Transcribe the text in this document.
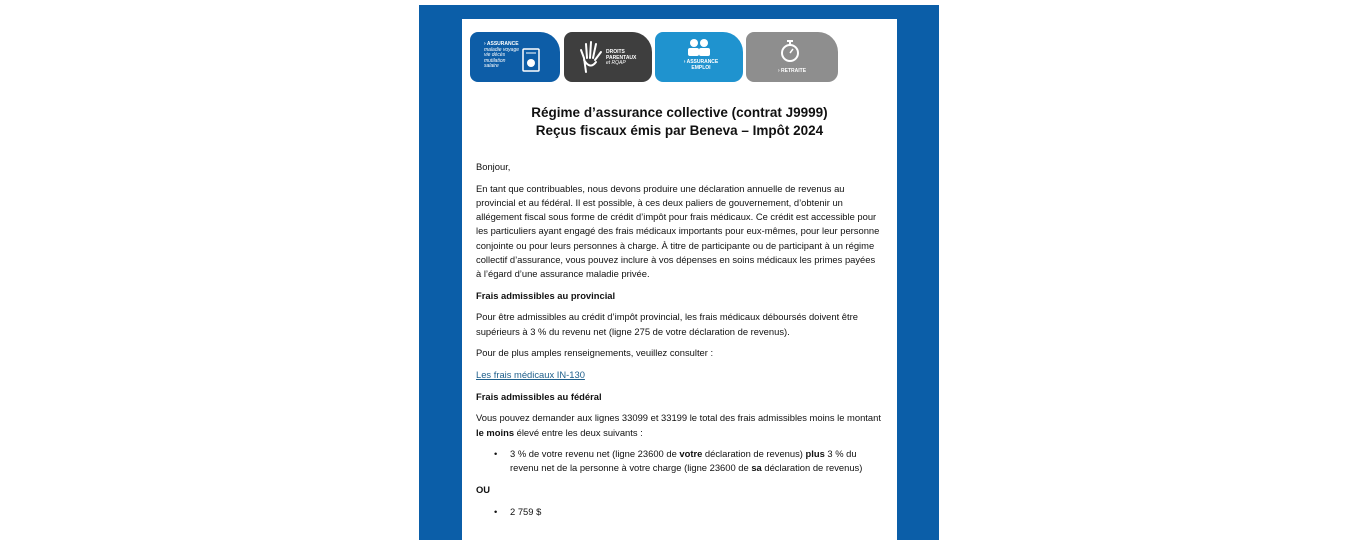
› ASSURANCE
maladie voyage vie décès mutilation salaire
DROITS PARENTAUX
et RQAP	› ASSURANCE EMPLOI
› RETRAITE
Régime d’assurance collective (contrat J9999)
Reçus fiscaux émis par Beneva – Impôt 2024

Bonjour,

En tant que contribuables, nous devons produire une déclaration annuelle de revenus au provincial et au fédéral. Il est possible, à ces deux paliers de gouvernement, d’obtenir un allégement fiscal sous forme de crédit d’impôt pour frais médicaux. Ce crédit est accessible pour les particuliers ayant engagé des frais médicaux importants pour eux-mêmes, pour leur personne conjointe ou pour leurs personnes à charge. À titre de participante ou de participant à un régime collectif d’assurance, vous pouvez inclure à vos dépenses en soins médicaux les primes payées à l’égard d’une assurance maladie privée.

Frais admissibles au provincial

Pour être admissibles au crédit d’impôt provincial, les frais médicaux déboursés doivent être supérieurs à 3 % du revenu net (ligne 275 de votre déclaration de revenus).

Pour de plus amples renseignements, veuillez consulter :

Les frais médicaux IN-130

Frais admissibles au fédéral

Vous pouvez demander aux lignes 33099 et 33199 le total des frais admissibles moins le montant le moins élevé entre les deux suivants :

• 3 % de votre revenu net (ligne 23600 de votre déclaration de revenus) plus 3 % du revenu net de la personne à votre charge (ligne 23600 de sa déclaration de revenus)
OU
• 2 759 $
